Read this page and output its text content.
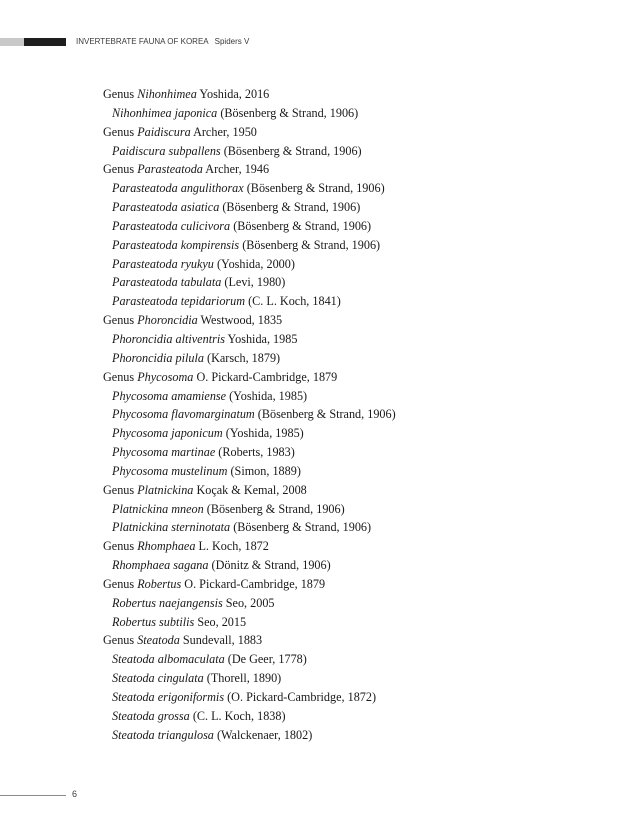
INVERTEBRATE FAUNA OF KOREA Spiders V
Genus Nihonhimea Yoshida, 2016
Nihonhimea japonica (Bösenberg & Strand, 1906)
Genus Paidiscura Archer, 1950
Paidiscura subpallens (Bösenberg & Strand, 1906)
Genus Parasteatoda Archer, 1946
Parasteatoda angulithorax (Bösenberg & Strand, 1906)
Parasteatoda asiatica (Bösenberg & Strand, 1906)
Parasteatoda culicivora (Bösenberg & Strand, 1906)
Parasteatoda kompirensis (Bösenberg & Strand, 1906)
Parasteatoda ryukyu (Yoshida, 2000)
Parasteatoda tabulata (Levi, 1980)
Parasteatoda tepidariorum (C. L. Koch, 1841)
Genus Phoroncidia Westwood, 1835
Phoroncidia altiventris Yoshida, 1985
Phoroncidia pilula (Karsch, 1879)
Genus Phycosoma O. Pickard-Cambridge, 1879
Phycosoma amamiense (Yoshida, 1985)
Phycosoma flavomarginatum (Bösenberg & Strand, 1906)
Phycosoma japonicum (Yoshida, 1985)
Phycosoma martinae (Roberts, 1983)
Phycosoma mustelinum (Simon, 1889)
Genus Platnickina Koçak & Kemal, 2008
Platnickina mneon (Bösenberg & Strand, 1906)
Platnickina sterninotata (Bösenberg & Strand, 1906)
Genus Rhomphaea L. Koch, 1872
Rhomphaea sagana (Dönitz & Strand, 1906)
Genus Robertus O. Pickard-Cambridge, 1879
Robertus naejangensis Seo, 2005
Robertus subtilis Seo, 2015
Genus Steatoda Sundevall, 1883
Steatoda albomaculata (De Geer, 1778)
Steatoda cingulata (Thorell, 1890)
Steatoda erigoniformis (O. Pickard-Cambridge, 1872)
Steatoda grossa (C. L. Koch, 1838)
Steatoda triangulosa (Walckenaer, 1802)
6
